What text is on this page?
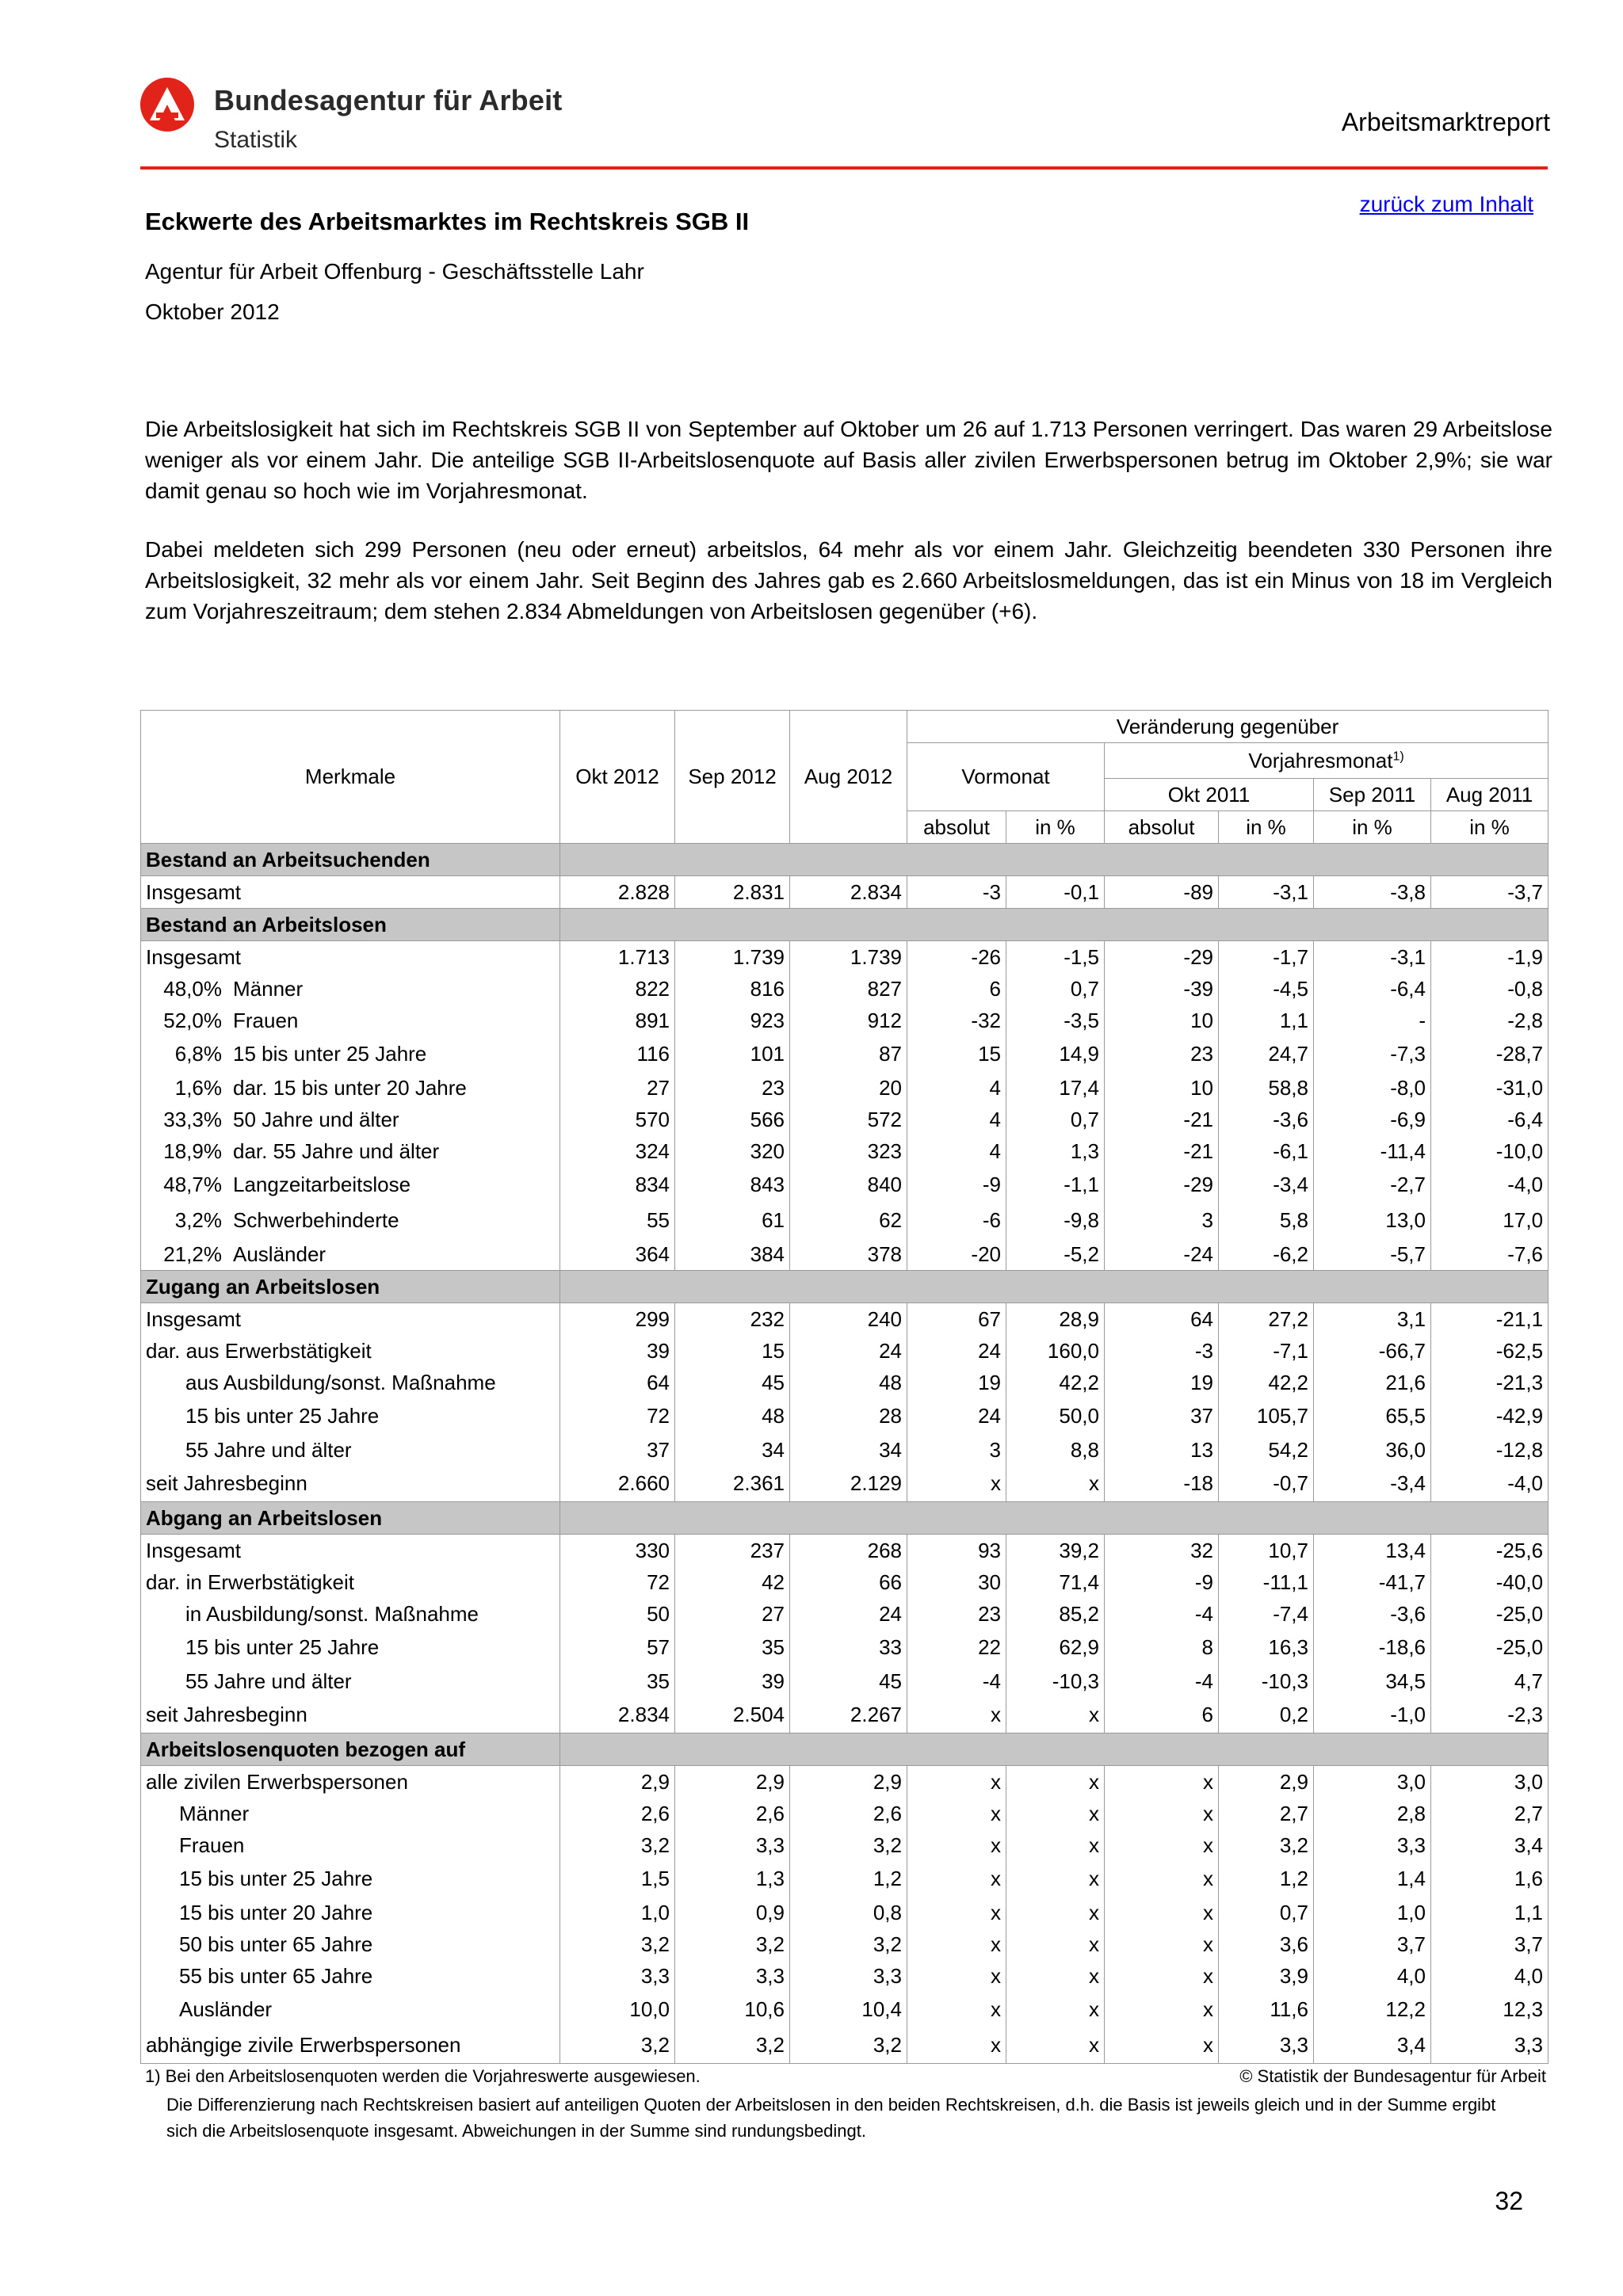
Bundesagentur für Arbeit
Statistik
Arbeitsmarktreport
zurück zum Inhalt
Eckwerte des Arbeitsmarktes im Rechtskreis SGB II
Agentur für Arbeit Offenburg - Geschäftsstelle Lahr
Oktober 2012
Die Arbeitslosigkeit hat sich im Rechtskreis SGB II von September auf Oktober um 26 auf 1.713 Personen verringert. Das waren 29 Arbeitslose weniger als vor einem Jahr. Die anteilige SGB II-Arbeitslosenquote auf Basis aller zivilen Erwerbspersonen betrug im Oktober 2,9%; sie war damit genau so hoch wie im Vorjahresmonat.
Dabei meldeten sich 299 Personen (neu oder erneut) arbeitslos, 64 mehr als vor einem Jahr. Gleichzeitig beendeten 330 Personen ihre Arbeitslosigkeit, 32 mehr als vor einem Jahr. Seit Beginn des Jahres gab es 2.660 Arbeitslosmeldungen, das ist ein Minus von 18 im Vergleich zum Vorjahreszeitraum; dem stehen 2.834 Abmeldungen von Arbeitslosen gegenüber (+6).
Merkmale	Okt 2012	Sep 2012	Aug 2012	Veränderung gegenüber					
				Vormonat		Vorjahresmonat$^{1)}$
						Okt 2011		Sep 2011	Aug 2011
				absolut	in %	absolut	in %	in %	in %
Bestand an Arbeitsuchenden									
Insgesamt	2.828	2.831	2.834	-3	-0,1	-89	-3,1	-3,8	-3,7
Bestand an Arbeitslosen									
Insgesamt	1.713	1.739	1.739	-26	-1,5	-29	-1,7	-3,1	-1,9
48,0% Männer	822	816	827	6	0,7	-39	-4,5	-6,4	-0,8
52,0% Frauen	891	923	912	-32	-3,5	10	1,1	-	-2,8
6,8% 15 bis unter 25 Jahre	116	101	87	15	14,9	23	24,7	-7,3	-28,7
1,6% dar. 15 bis unter 20 Jahre	27	23	20	4	17,4	10	58,8	-8,0	-31,0
33,3% 50 Jahre und älter	570	566	572	4	0,7	-21	-3,6	-6,9	-6,4
18,9% dar. 55 Jahre und älter	324	320	323	4	1,3	-21	-6,1	-11,4	-10,0
48,7% Langzeitarbeitslose	834	843	840	-9	-1,1	-29	-3,4	-2,7	-4,0
3,2% Schwerbehinderte	55	61	62	-6	-9,8	3	5,8	13,0	17,0
21,2% Ausländer	364	384	378	-20	-5,2	-24	-6,2	-5,7	-7,6
Zugang an Arbeitslosen									
Insgesamt	299	232	240	67	28,9	64	27,2	3,1	-21,1
dar. aus Erwerbstätigkeit	39	15	24	24	160,0	-3	-7,1	-66,7	-62,5
aus Ausbildung/sonst. Maßnahme	64	45	48	19	42,2	19	42,2	21,6	-21,3
15 bis unter 25 Jahre	72	48	28	24	50,0	37	105,7	65,5	-42,9
55 Jahre und älter	37	34	34	3	8,8	13	54,2	36,0	-12,8
seit Jahresbeginn	2.660	2.361	2.129	x	x	-18	-0,7	-3,4	-4,0
Abgang an Arbeitslosen									
Insgesamt	330	237	268	93	39,2	32	10,7	13,4	-25,6
dar. in Erwerbstätigkeit	72	42	66	30	71,4	-9	-11,1	-41,7	-40,0
in Ausbildung/sonst. Maßnahme	50	27	24	23	85,2	-4	-7,4	-3,6	-25,0
15 bis unter 25 Jahre	57	35	33	22	62,9	8	16,3	-18,6	-25,0
55 Jahre und älter	35	39	45	-4	-10,3	-4	-10,3	34,5	4,7
seit Jahresbeginn	2.834	2.504	2.267	x	x	6	0,2	-1,0	-2,3
Arbeitslosenquoten bezogen auf									
alle zivilen Erwerbspersonen	2,9	2,9	2,9	x	x	x	2,9	3,0	3,0
Männer	2,6	2,6	2,6	x	x	x	2,7	2,8	2,7
Frauen	3,2	3,3	3,2	x	x	x	3,2	3,3	3,4
15 bis unter 25 Jahre	1,5	1,3	1,2	x	x	x	1,2	1,4	1,6
15 bis unter 20 Jahre	1,0	0,9	0,8	x	x	x	0,7	1,0	1,1
50 bis unter 65 Jahre	3,2	3,2	3,2	x	x	x	3,6	3,7	3,7
55 bis unter 65 Jahre	3,3	3,3	3,3	x	x	x	3,9	4,0	4,0
Ausländer	10,0	10,6	10,4	x	x	x	11,6	12,2	12,3
abhängige zivile Erwerbspersonen	3,2	3,2	3,2	x	x	x	3,3	3,4	3,3
1) Bei den Arbeitslosenquoten werden die Vorjahreswerte ausgewiesen.	© Statistik der Bundesagentur für Arbeit
Die Differenzierung nach Rechtskreisen basiert auf anteiligen Quoten der Arbeitslosen in den beiden Rechtskreisen, d.h. die Basis ist jeweils gleich und in der Summe ergibt sich die Arbeitslosenquote insgesamt. Abweichungen in der Summe sind rundungsbedingt.
32
